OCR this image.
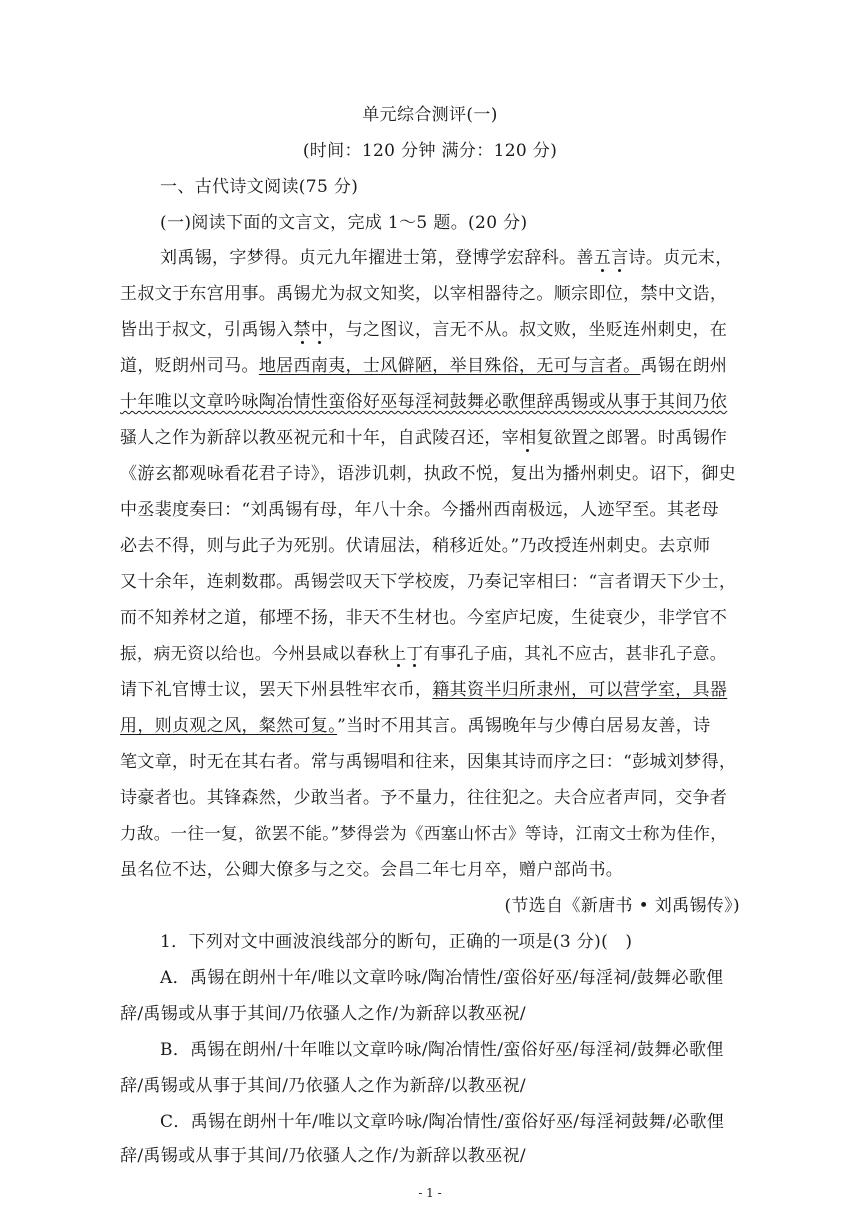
单元综合测评(一)
(时间：120 分钟 满分：120 分)
一、古代诗文阅读(75 分)
(一)阅读下面的文言文，完成 1～5 题。(20 分)
刘禹锡，字梦得。贞元九年擢进士第，登博学宏辞科。善五言诗。贞元末，
王叔文于东宫用事。禹锡尤为叔文知奖，以宰相器待之。顺宗即位，禁中文诰，
皆出于叔文，引禹锡入禁中，与之图议，言无不从。叔文败，坐贬连州刺史，在
道，贬朗州司马。地居西南夷，士风僻陋，举目殊俗，无可与言者。禹锡在朗州
十年唯以文章吟咏陶冶情性蛮俗好巫每淫祠鼓舞必歌俚辞禹锡或从事于其间乃依
骚人之作为新辞以教巫祝元和十年，自武陵召还，宰相复欲置之郎署。时禹锡作
《游玄都观咏看花君子诗》，语涉讥刺，执政不悦，复出为播州刺史。诏下，御史
中丞裴度奏曰：“刘禹锡有母，年八十余。今播州西南极远，人迹罕至。其老母
必去不得，则与此子为死别。伏请屈法，稍移近处。”乃改授连州刺史。去京师
又十余年，连刺数郡。禹锡尝叹天下学校废，乃奏记宰相曰：“言者谓天下少士，
而不知养材之道，郁堙不扬，非天不生材也。今室庐圮废，生徒衰少，非学官不
振，病无资以给也。今州县咸以春秋上丁有事孔子庙，其礼不应古，甚非孔子意。
请下礼官博士议，罢天下州县牲牢衣币，籍其资半归所隶州，可以营学室，具器
用，则贞观之风，粲然可复。”当时不用其言。禹锡晚年与少傅白居易友善，诗
笔文章，时无在其右者。常与禹锡唱和往来，因集其诗而序之曰：“彭城刘梦得，
诗豪者也。其锋森然，少敢当者。予不量力，往往犯之。夫合应者声同，交争者
力敌。一往一复，欲罢不能。”梦得尝为《西塞山怀古》等诗，江南文士称为佳作，
虽名位不达，公卿大僚多与之交。会昌二年七月卒，赠户部尚书。
(节选自《新唐书 • 刘禹锡传》)
1．下列对文中画波浪线部分的断句，正确的一项是(3 分)(　)
A．禹锡在朗州十年/唯以文章吟咏/陶冶情性/蛮俗好巫/每淫祠/鼓舞必歌俚
辞/禹锡或从事于其间/乃依骚人之作/为新辞以教巫祝/
B．禹锡在朗州/十年唯以文章吟咏/陶冶情性/蛮俗好巫/每淫祠/鼓舞必歌俚
辞/禹锡或从事于其间/乃依骚人之作为新辞/以教巫祝/
C．禹锡在朗州十年/唯以文章吟咏/陶冶情性/蛮俗好巫/每淫祠鼓舞/必歌俚
辞/禹锡或从事于其间/乃依骚人之作/为新辞以教巫祝/
- 1 -
